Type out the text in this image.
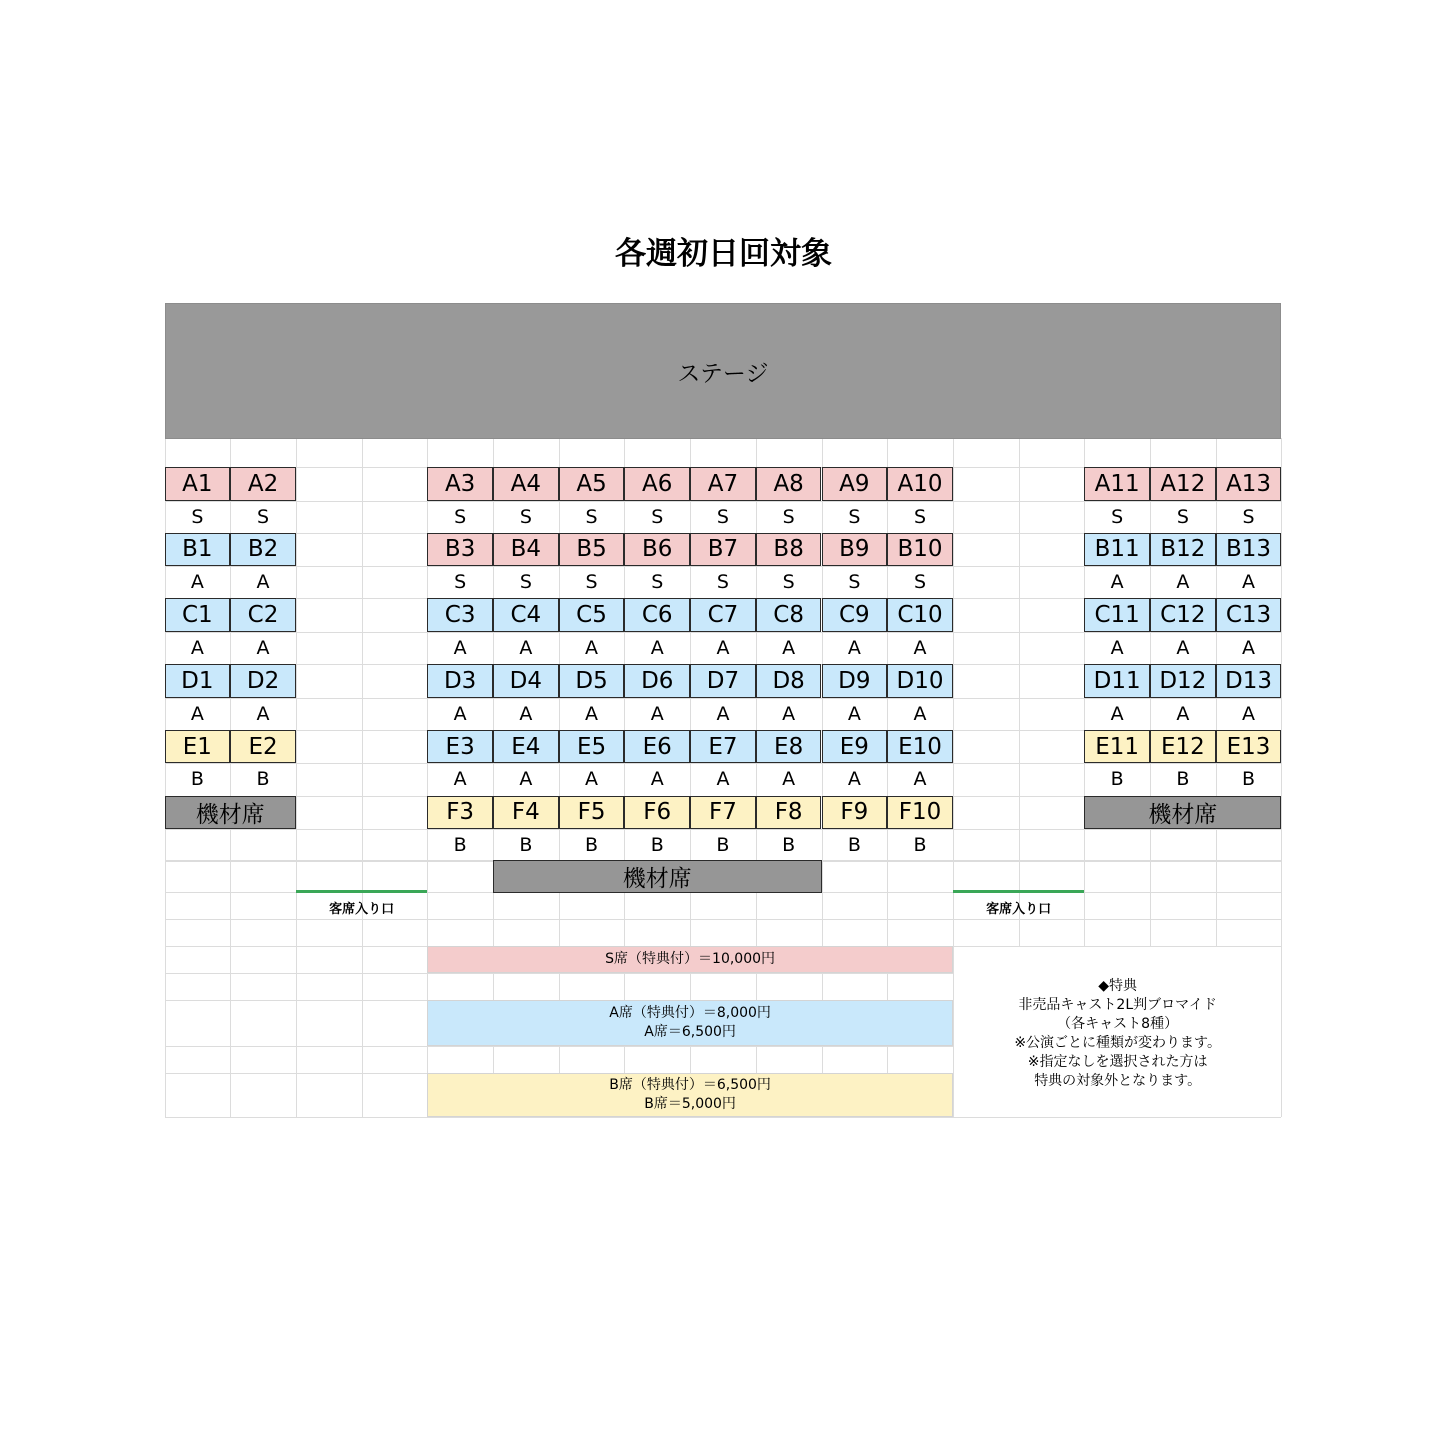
各週初日回対象
ステージ
A1
S
A2
S
A3
S
A4
S
A5
S
A6
S
A7
S
A8
S
A9
S
A10
S
A11
S
A12
S
A13
S
B1
A
B2
A
B3
S
B4
S
B5
S
B6
S
B7
S
B8
S
B9
S
B10
S
B11
A
B12
A
B13
A
C1
A
C2
A
C3
A
C4
A
C5
A
C6
A
C7
A
C8
A
C9
A
C10
A
C11
A
C12
A
C13
A
D1
A
D2
A
D3
A
D4
A
D5
A
D6
A
D7
A
D8
A
D9
A
D10
A
D11
A
D12
A
D13
A
E1
B
E2
B
E3
A
E4
A
E5
A
E6
A
E7
A
E8
A
E9
A
E10
A
E11
B
E12
B
E13
B
F3
B
F4
B
F5
B
F6
B
F7
B
F8
B
F9
B
F10
B
機材席	機材席
機材席
客席入り口	客席入り口
S席（特典付）＝10,000円
A席（特典付）＝8,000円
A席＝6,500円
B席（特典付）＝6,500円
B席＝5,000円
◆特典
非売品キャスト2L判ブロマイド
（各キャスト8種）
※公演ごとに種類が変わります。
※指定なしを選択された方は
特典の対象外となります。
